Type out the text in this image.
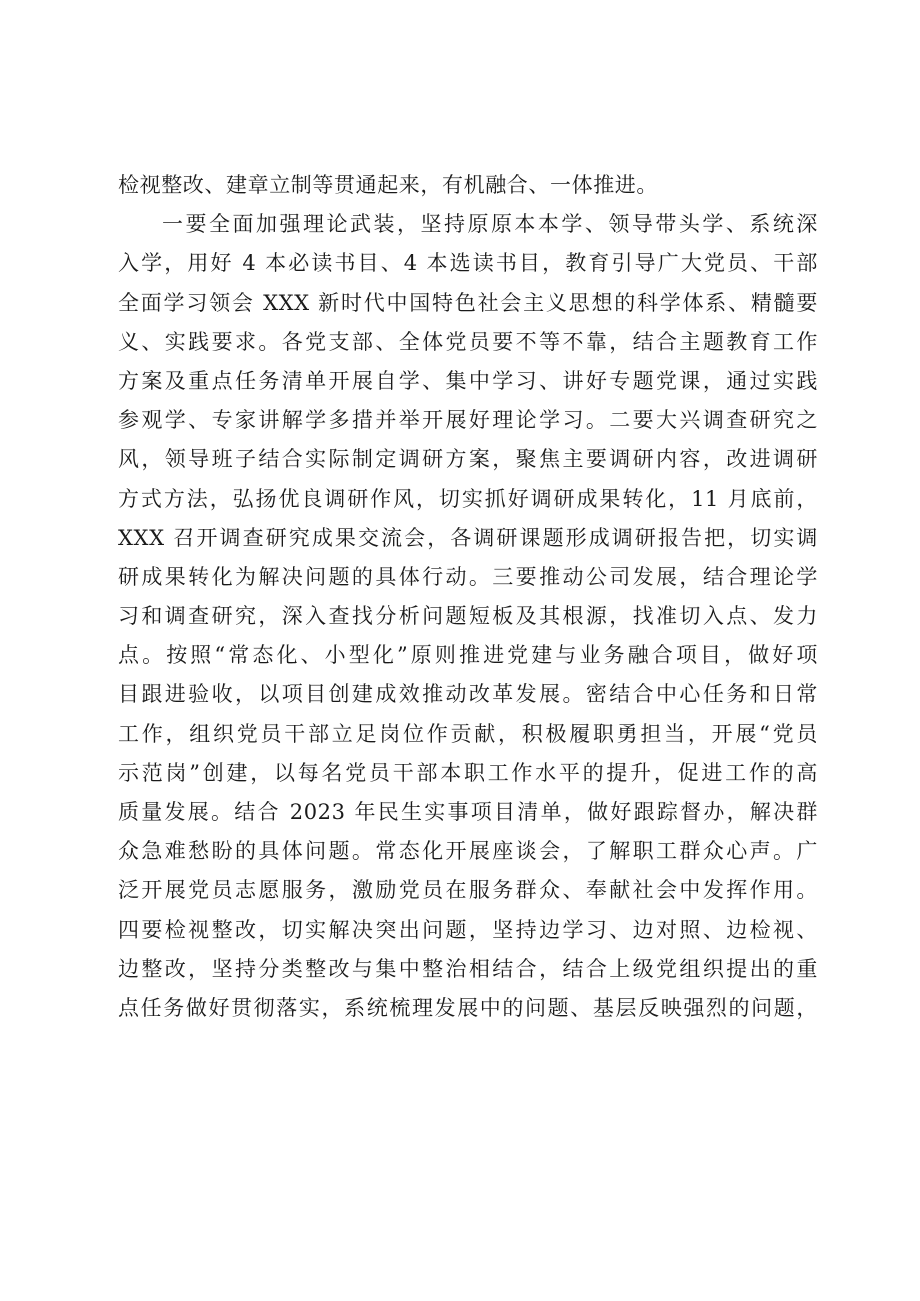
检视整改、建章立制等贯通起来，有机融合、一体推进。
一要全面加强理论武装，坚持原原本本学、领导带头学、系统深
入学，用好 4 本必读书目、4 本选读书目，教育引导广大党员、干部
全面学习领会 XXX 新时代中国特色社会主义思想的科学体系、精髓要
义、实践要求。各党支部、全体党员要不等不靠，结合主题教育工作
方案及重点任务清单开展自学、集中学习、讲好专题党课，通过实践
参观学、专家讲解学多措并举开展好理论学习。二要大兴调查研究之
风，领导班子结合实际制定调研方案，聚焦主要调研内容，改进调研
方式方法，弘扬优良调研作风，切实抓好调研成果转化，11 月底前，
XXX 召开调查研究成果交流会，各调研课题形成调研报告把，切实调
研成果转化为解决问题的具体行动。三要推动公司发展，结合理论学
习和调查研究，深入查找分析问题短板及其根源，找准切入点、发力
点。按照“常态化、小型化”原则推进党建与业务融合项目，做好项
目跟进验收，以项目创建成效推动改革发展。密结合中心任务和日常
工作，组织党员干部立足岗位作贡献，积极履职勇担当，开展“党员
示范岗”创建，以每名党员干部本职工作水平的提升，促进工作的高
质量发展。结合 2023 年民生实事项目清单，做好跟踪督办，解决群
众急难愁盼的具体问题。常态化开展座谈会，了解职工群众心声。广
泛开展党员志愿服务，激励党员在服务群众、奉献社会中发挥作用。
四要检视整改，切实解决突出问题，坚持边学习、边对照、边检视、
边整改，坚持分类整改与集中整治相结合，结合上级党组织提出的重
点任务做好贯彻落实，系统梳理发展中的问题、基层反映强烈的问题，
